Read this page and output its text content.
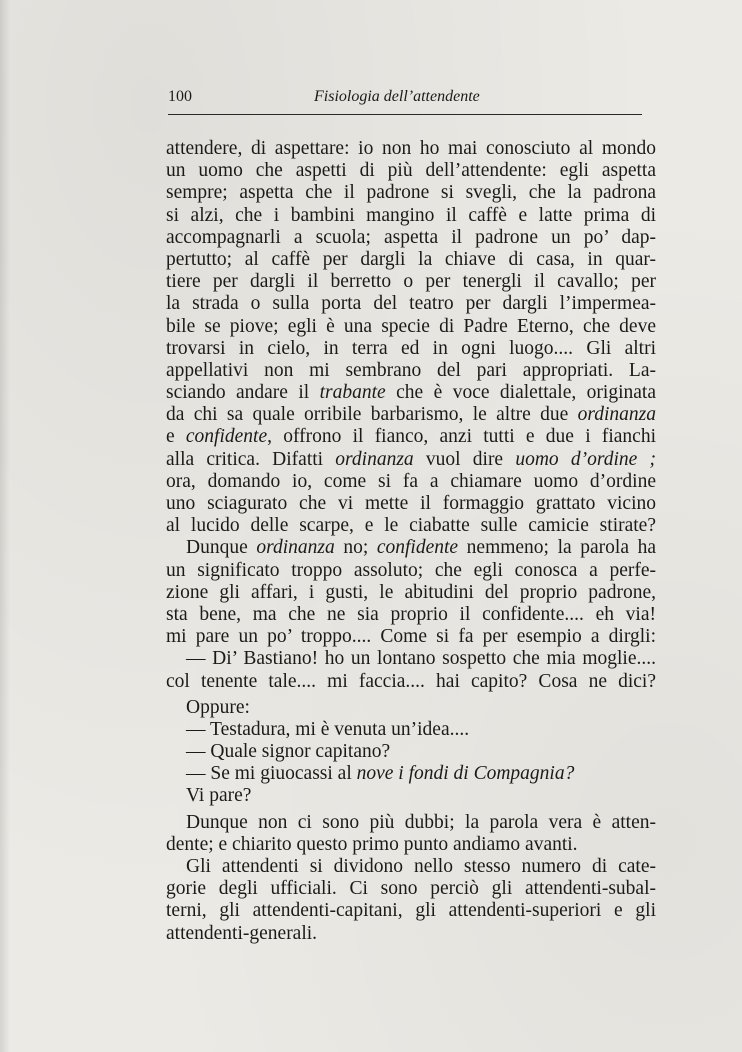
100	Fisiologia dell’attendente
attendere, di aspettare: io non ho mai conosciuto al mondo
un uomo che aspetti di più dell’attendente: egli aspetta
sempre; aspetta che il padrone si svegli, che la padrona
si alzi, che i bambini mangino il caffè e latte prima di
accompagnarli a scuola; aspetta il padrone un po’ dap-
pertutto; al caffè per dargli la chiave di casa, in quar-
tiere per dargli il berretto o per tenergli il cavallo; per
la strada o sulla porta del teatro per dargli l’impermea-
bile se piove; egli è una specie di Padre Eterno, che deve
trovarsi in cielo, in terra ed in ogni luogo.... Gli altri
appellativi non mi sembrano del pari appropriati. La-
sciando andare il trabante che è voce dialettale, originata
da chi sa quale orribile barbarismo, le altre due ordinanza
e confidente, offrono il fianco, anzi tutti e due i fianchi
alla critica. Difatti ordinanza vuol dire uomo d’ordine ;
ora, domando io, come si fa a chiamare uomo d’ordine
uno sciagurato che vi mette il formaggio grattato vicino
al lucido delle scarpe, e le ciabatte sulle camicie stirate?
Dunque ordinanza no; confidente nemmeno; la parola ha
un significato troppo assoluto; che egli conosca a perfe-
zione gli affari, i gusti, le abitudini del proprio padrone,
sta bene, ma che ne sia proprio il confidente.... eh via!
mi pare un po’ troppo.... Come si fa per esempio a dirgli:
— Di’ Bastiano! ho un lontano sospetto che mia moglie....
col tenente tale.... mi faccia.... hai capito? Cosa ne dici?
Oppure:
— Testadura, mi è venuta un’idea....
— Quale signor capitano?
— Se mi giuocassi al nove i fondi di Compagnia?
Vi pare?
Dunque non ci sono più dubbi; la parola vera è atten-
dente; e chiarito questo primo punto andiamo avanti.
Gli attendenti si dividono nello stesso numero di cate-
gorie degli ufficiali. Ci sono perciò gli attendenti-subal-
terni, gli attendenti-capitani, gli attendenti-superiori e gli
attendenti-generali.
